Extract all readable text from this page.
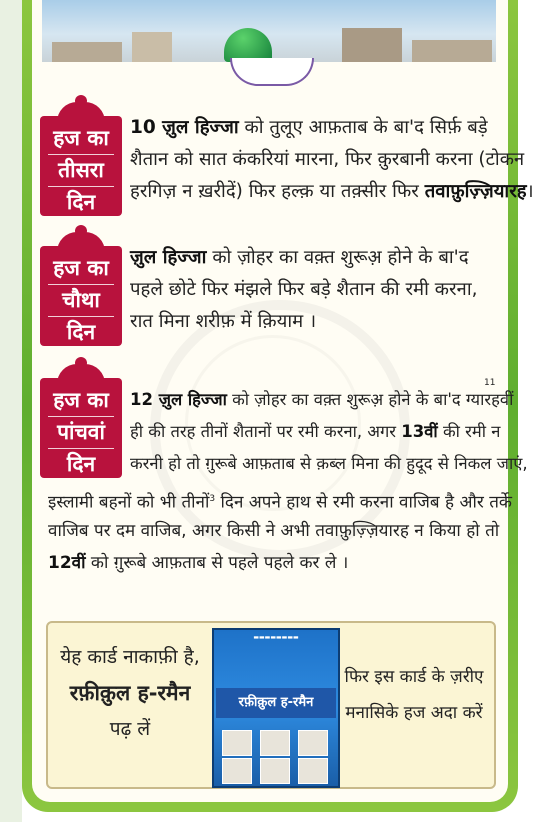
हज का
तीसरा
दिन
10 ज़ुल हिज्जा को तुलूए आफ़ताब के बा'द सिर्फ़ बड़े
शैतान को सात कंकरियां मारना, फिर क़ुरबानी करना (टोकन
हरगिज़ न ख़रीदें) फिर हल्क़ या तक़्सीर फिर तवाफ़ुज़्ज़ियारह।
हज का
चौथा
दिन
ज़ुल हिज्जा को ज़ोहर का वक़्त शुरूअ़ होने के बा'द
पहले छोटे फिर मंझले फिर बड़े शैतान की रमी करना,
रात मिना शरीफ़ में क़ियाम ।
हज का
पांचवां
दिन
12 ज़ुल हिज्जा को ज़ोहर का वक़्त शुरूअ़ होने के बा'द ग्यारहवीं
11
ही की तरह तीनों शैतानों पर रमी करना, अगर 13वीं की रमी न
करनी हो तो ग़ुरूबे आफ़ताब से क़ब्ल मिना की हुदूद से निकल जाएं,
इस्लामी बहनों को भी तीनों$^3$ दिन अपने हाथ से रमी करना वाजिब है और तर्के
वाजिब पर दम वाजिब, अगर किसी ने अभी तवाफ़ुज़्ज़ियारह न किया हो तो
12वीं को ग़ुरूबे आफ़ताब से पहले पहले कर ले ।
येह कार्ड नाकाफ़ी है,
रफ़ीक़ुल ह-रमैन
पढ़ लें
▬▬▬▬▬▬▬▬
रफ़ीक़ुल ह-रमैन
फिर इस कार्ड के ज़रीए
मनासिके हज अदा करें
